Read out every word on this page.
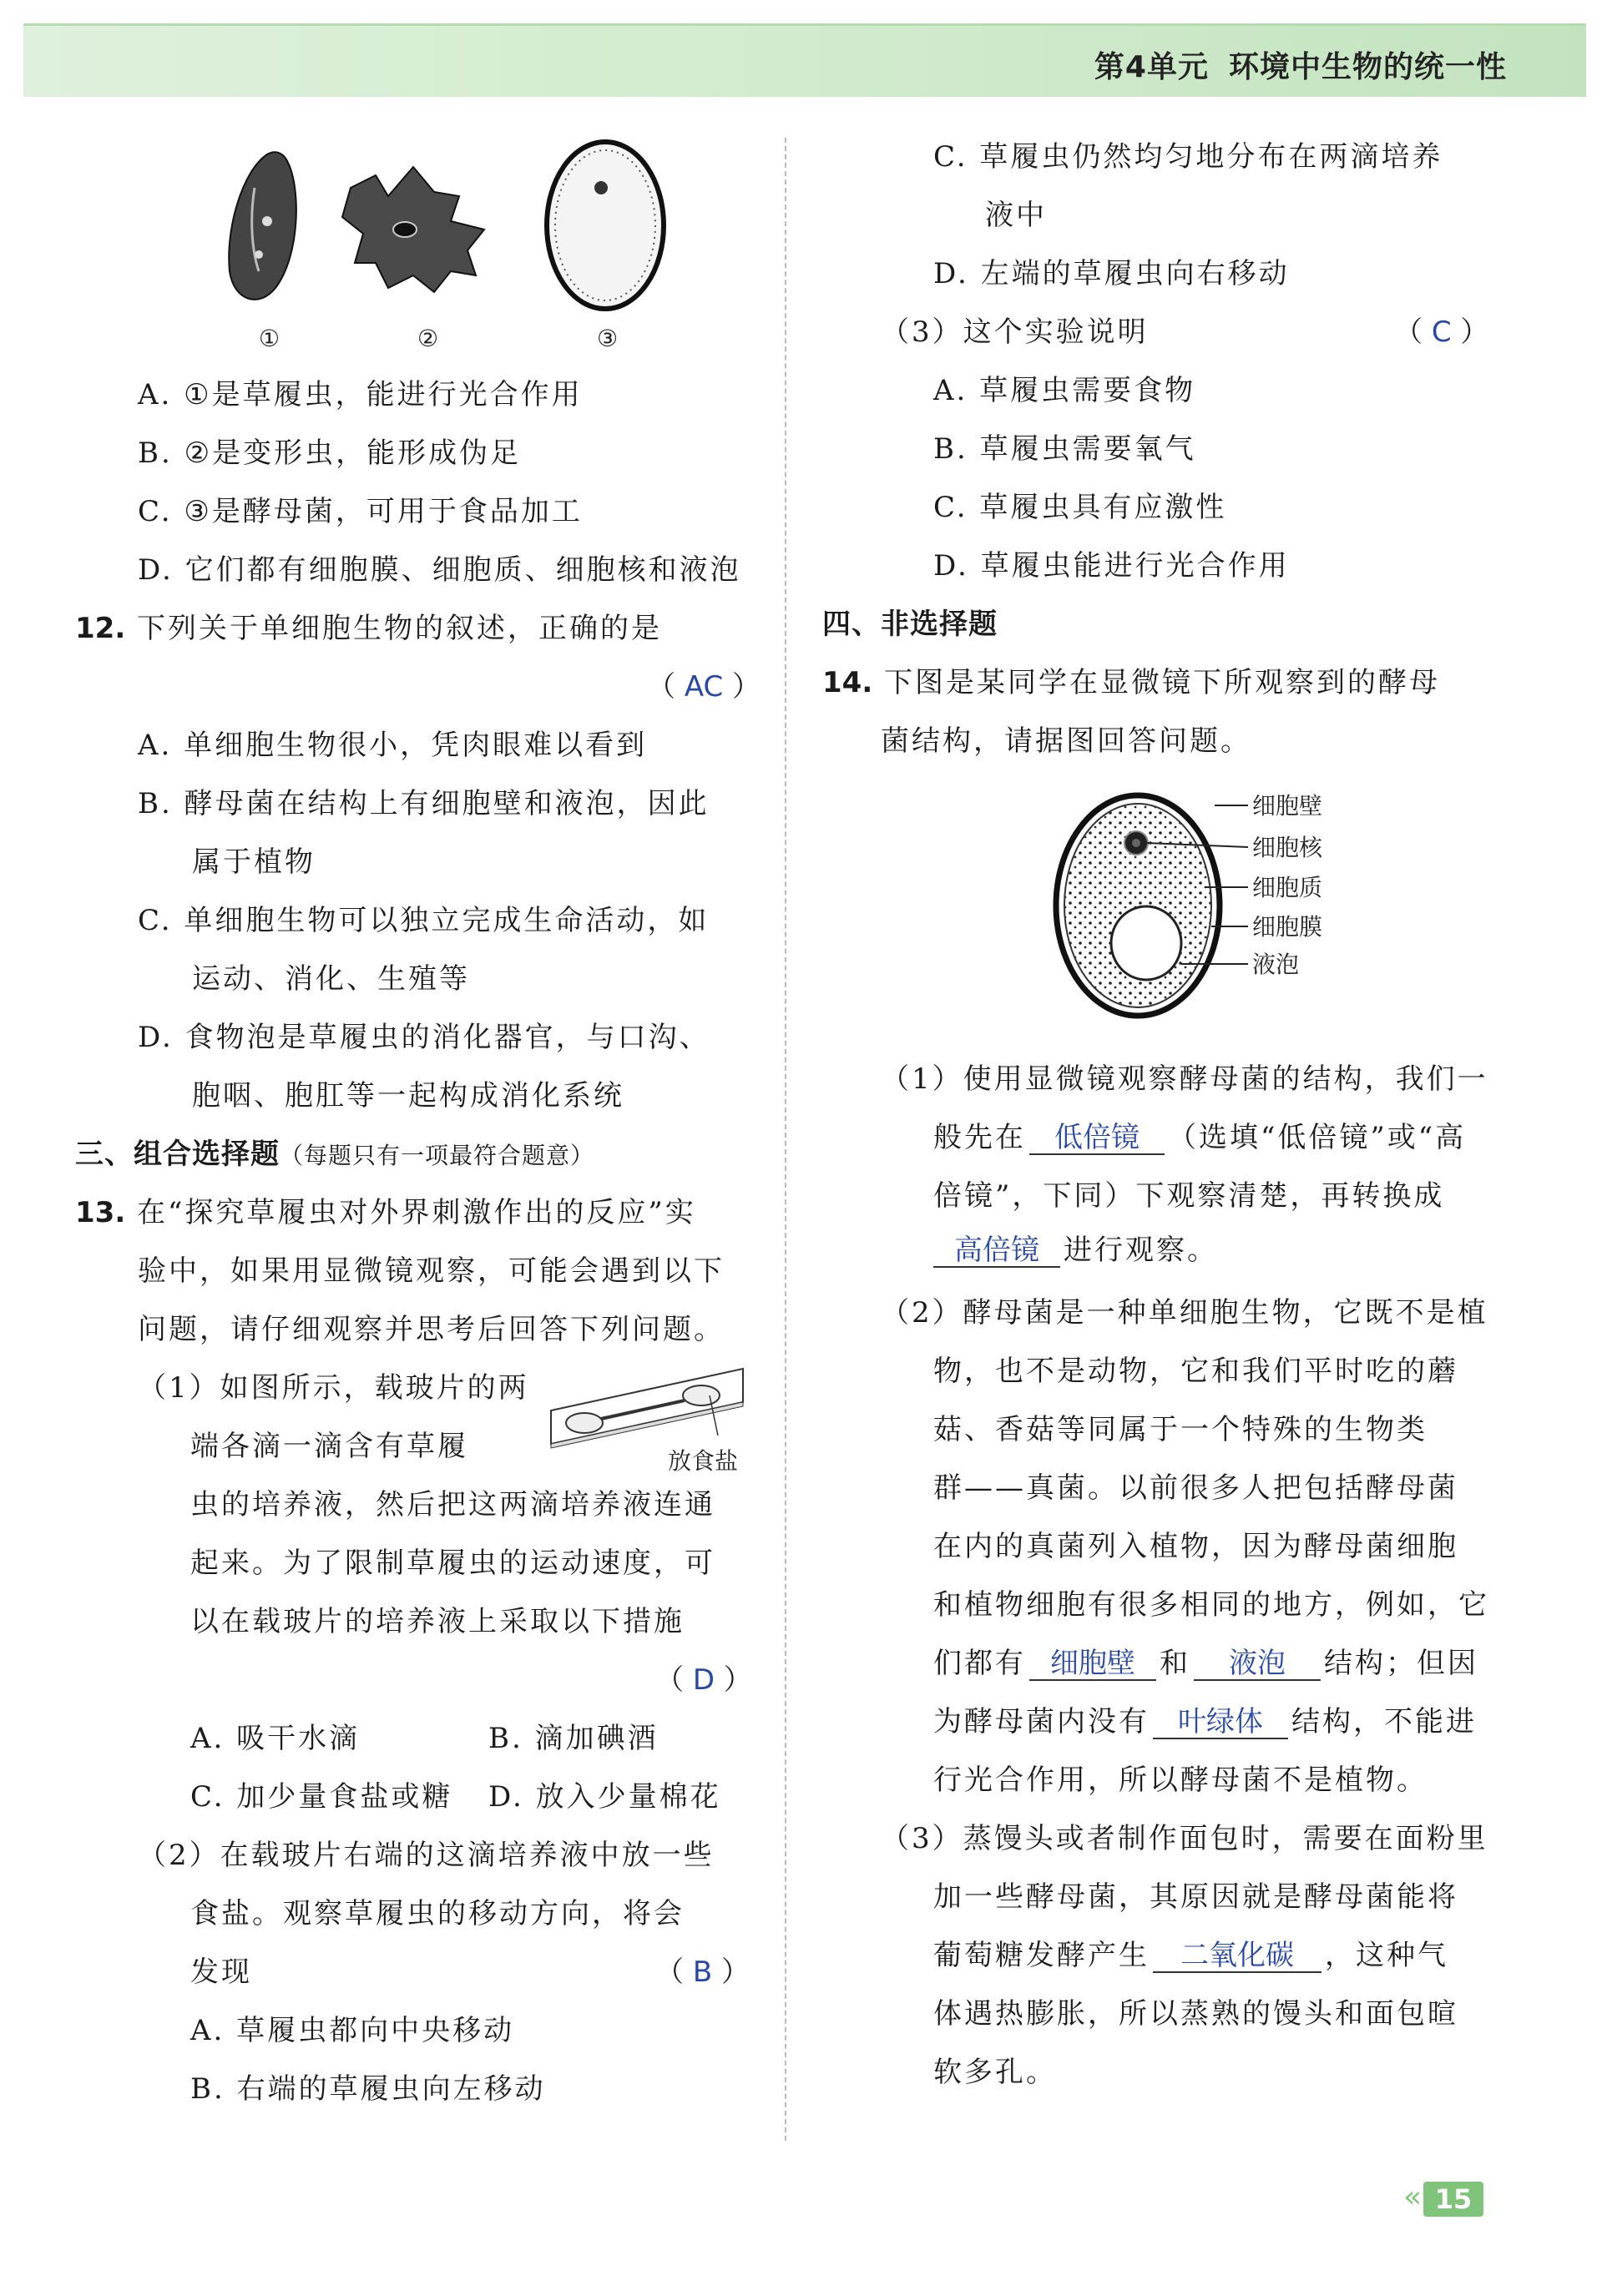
第4单元 环境中生物的统一性
①	②	③
A. ①是草履虫，能进行光合作用
B. ②是变形虫，能形成伪足
C. ③是酵母菌，可用于食品加工
D. 它们都有细胞膜、细胞质、细胞核和液泡
12. 下列关于单细胞生物的叙述，正确的是
（ AC ）
A. 单细胞生物很小，凭肉眼难以看到
B. 酵母菌在结构上有细胞壁和液泡，因此
属于植物
C. 单细胞生物可以独立完成生命活动，如
运动、消化、生殖等
D. 食物泡是草履虫的消化器官，与口沟、
胞咽、胞肛等一起构成消化系统
三、组合选择题（每题只有一项最符合题意）
13. 在“探究草履虫对外界刺激作出的反应”实
验中，如果用显微镜观察，可能会遇到以下
问题，请仔细观察并思考后回答下列问题。
（1）如图所示，载玻片的两
端各滴一滴含有草履	放食盐
虫的培养液，然后把这两滴培养液连通
起来。为了限制草履虫的运动速度，可
以在载玻片的培养液上采取以下措施
（ D ）
A. 吸干水滴	B. 滴加碘酒
C. 加少量食盐或糖 D. 放入少量棉花
（2）在载玻片右端的这滴培养液中放一些
食盐。观察草履虫的移动方向，将会
发现	（ B ）
A. 草履虫都向中央移动
B. 右端的草履虫向左移动
C. 草履虫仍然均匀地分布在两滴培养
液中
D. 左端的草履虫向右移动
（3）这个实验说明	（ C ）
A. 草履虫需要食物
B. 草履虫需要氧气
C. 草履虫具有应激性
D. 草履虫能进行光合作用
四、非选择题
14. 下图是某同学在显微镜下所观察到的酵母
菌结构，请据图回答问题。
细胞壁
细胞核
细胞质
细胞膜
液泡
（1）使用显微镜观察酵母菌的结构，我们一
般先在 低倍镜 （选填“低倍镜”或“高
倍镜”，下同）下观察清楚，再转换成
高倍镜 进行观察。
（2）酵母菌是一种单细胞生物，它既不是植
物，也不是动物，它和我们平时吃的蘑
菇、香菇等同属于一个特殊的生物类
群——真菌。以前很多人把包括酵母菌
在内的真菌列入植物，因为酵母菌细胞
和植物细胞有很多相同的地方，例如，它
们都有 细胞壁 和 液泡 结构；但因
为酵母菌内没有 叶绿体 结构，不能进
行光合作用，所以酵母菌不是植物。
（3）蒸馒头或者制作面包时，需要在面粉里
加一些酵母菌，其原因就是酵母菌能将
葡萄糖发酵产生 二氧化碳 ，这种气
体遇热膨胀，所以蒸熟的馒头和面包暄
软多孔。
« 15
